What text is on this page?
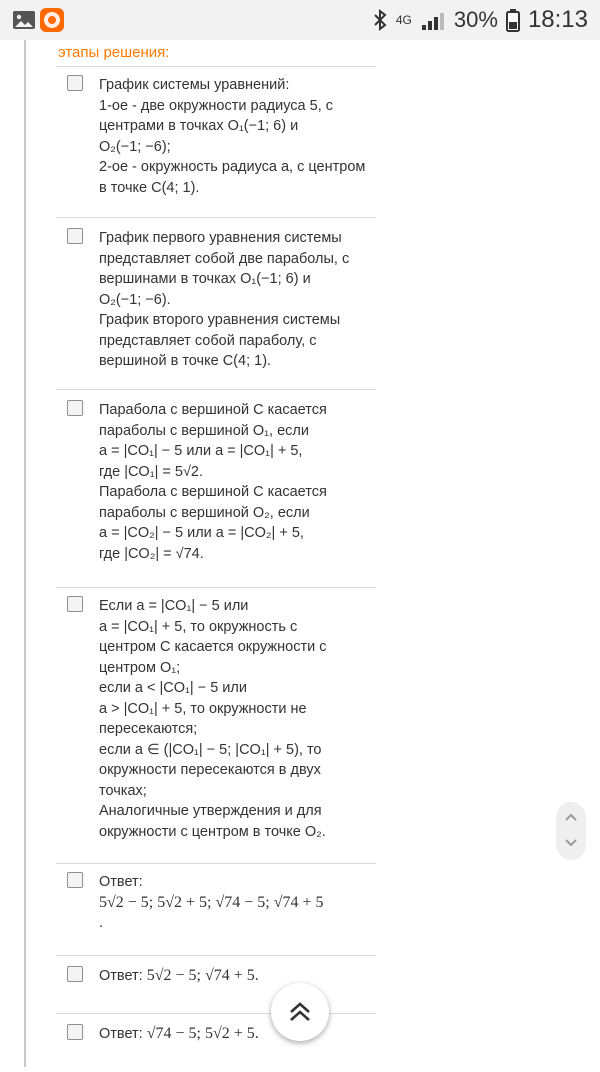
4G 30% 18:13
этапы решения:
График системы уравнений:
1-ое - две окружности радиуса 5, с
центрами в точках O₁(−1; 6) и
O₂(−1; −6);
2-ое - окружность радиуса a, с центром
в точке C(4; 1).
График первого уравнения системы
представляет собой две параболы, с
вершинами в точках O₁(−1; 6) и
O₂(−1; −6).
График второго уравнения системы
представляет собой параболу, с
вершиной в точке C(4; 1).
Парабола с вершиной C касается
параболы с вершиной O₁, если
a = |CO₁| − 5 или a = |CO₁| + 5,
где |CO₁| = 5√2.
Парабола с вершиной C касается
параболы с вершиной O₂, если
a = |CO₂| − 5 или a = |CO₂| + 5,
где |CO₂| = √74.
Если a = |CO₁| − 5 или
a = |CO₁| + 5, то окружность с
центром C касается окружности с
центром O₁;
если a < |CO₁| − 5 или
a > |CO₁| + 5, то окружности не
пересекаются;
если a ∈ (|CO₁| − 5; |CO₁| + 5), то
окружности пересекаются в двух
точках;
Аналогичные утверждения и для
окружности с центром в точке O₂.
Ответ:
5√2 − 5; 5√2 + 5; √74 − 5; √74 + 5
.
Ответ: 5√2 − 5; √74 + 5.
Ответ: √74 − 5; 5√2 + 5.
